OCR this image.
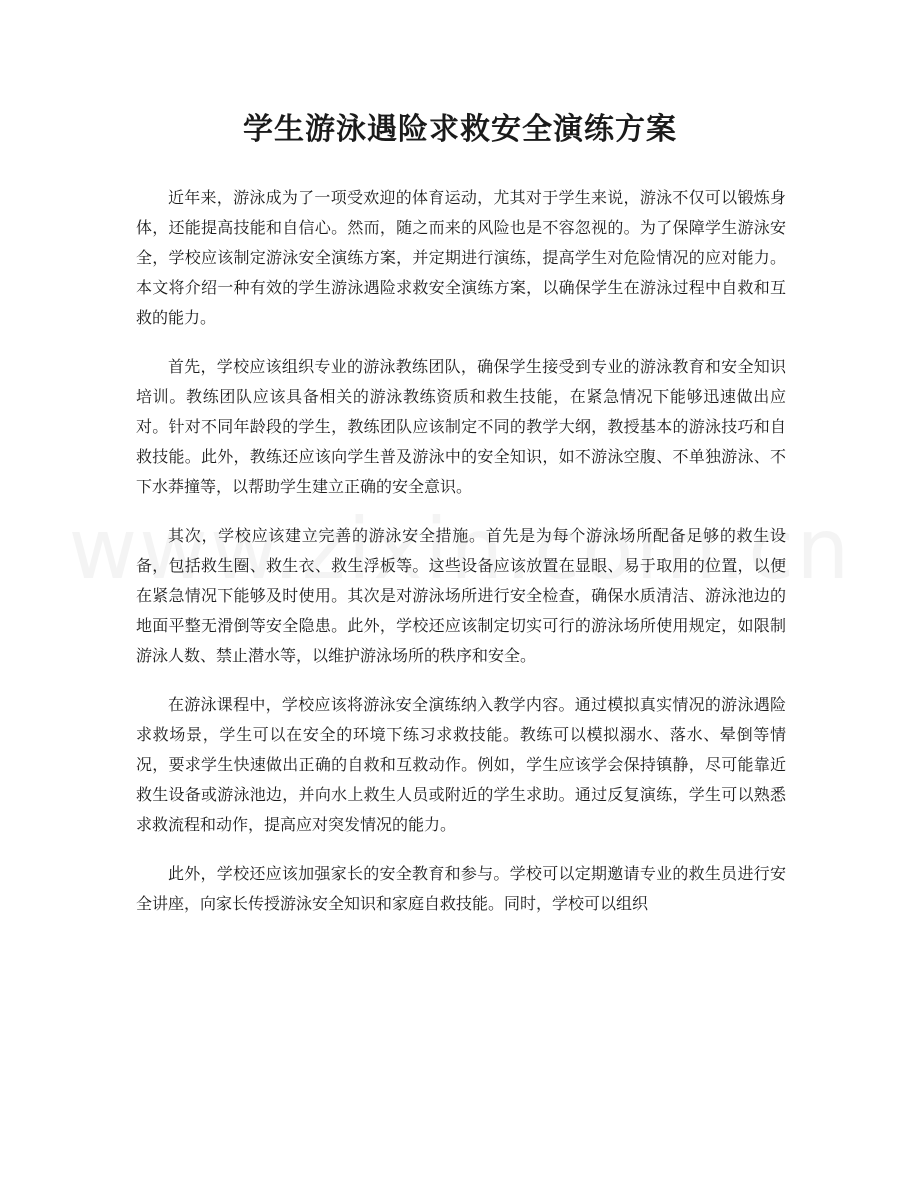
学生游泳遇险求救安全演练方案

近年来，游泳成为了一项受欢迎的体育运动，尤其对于学生来说，游泳不仅可以锻炼身体，还能提高技能和自信心。然而，随之而来的风险也是不容忽视的。为了保障学生游泳安全，学校应该制定游泳安全演练方案，并定期进行演练，提高学生对危险情况的应对能力。本文将介绍一种有效的学生游泳遇险求救安全演练方案，以确保学生在游泳过程中自救和互救的能力。

首先，学校应该组织专业的游泳教练团队，确保学生接受到专业的游泳教育和安全知识培训。教练团队应该具备相关的游泳教练资质和救生技能，在紧急情况下能够迅速做出应对。针对不同年龄段的学生，教练团队应该制定不同的教学大纲，教授基本的游泳技巧和自救技能。此外，教练还应该向学生普及游泳中的安全知识，如不游泳空腹、不单独游泳、不下水莽撞等，以帮助学生建立正确的安全意识。

其次，学校应该建立完善的游泳安全措施。首先是为每个游泳场所配备足够的救生设备，包括救生圈、救生衣、救生浮板等。这些设备应该放置在显眼、易于取用的位置，以便在紧急情况下能够及时使用。其次是对游泳场所进行安全检查，确保水质清洁、游泳池边的地面平整无滑倒等安全隐患。此外，学校还应该制定切实可行的游泳场所使用规定，如限制游泳人数、禁止潜水等，以维护游泳场所的秩序和安全。

在游泳课程中，学校应该将游泳安全演练纳入教学内容。通过模拟真实情况的游泳遇险求救场景，学生可以在安全的环境下练习求救技能。教练可以模拟溺水、落水、晕倒等情况，要求学生快速做出正确的自救和互救动作。例如，学生应该学会保持镇静，尽可能靠近救生设备或游泳池边，并向水上救生人员或附近的学生求助。通过反复演练，学生可以熟悉求救流程和动作，提高应对突发情况的能力。

此外，学校还应该加强家长的安全教育和参与。学校可以定期邀请专业的救生员进行安全讲座，向家长传授游泳安全知识和家庭自救技能。同时，学校可以组织
